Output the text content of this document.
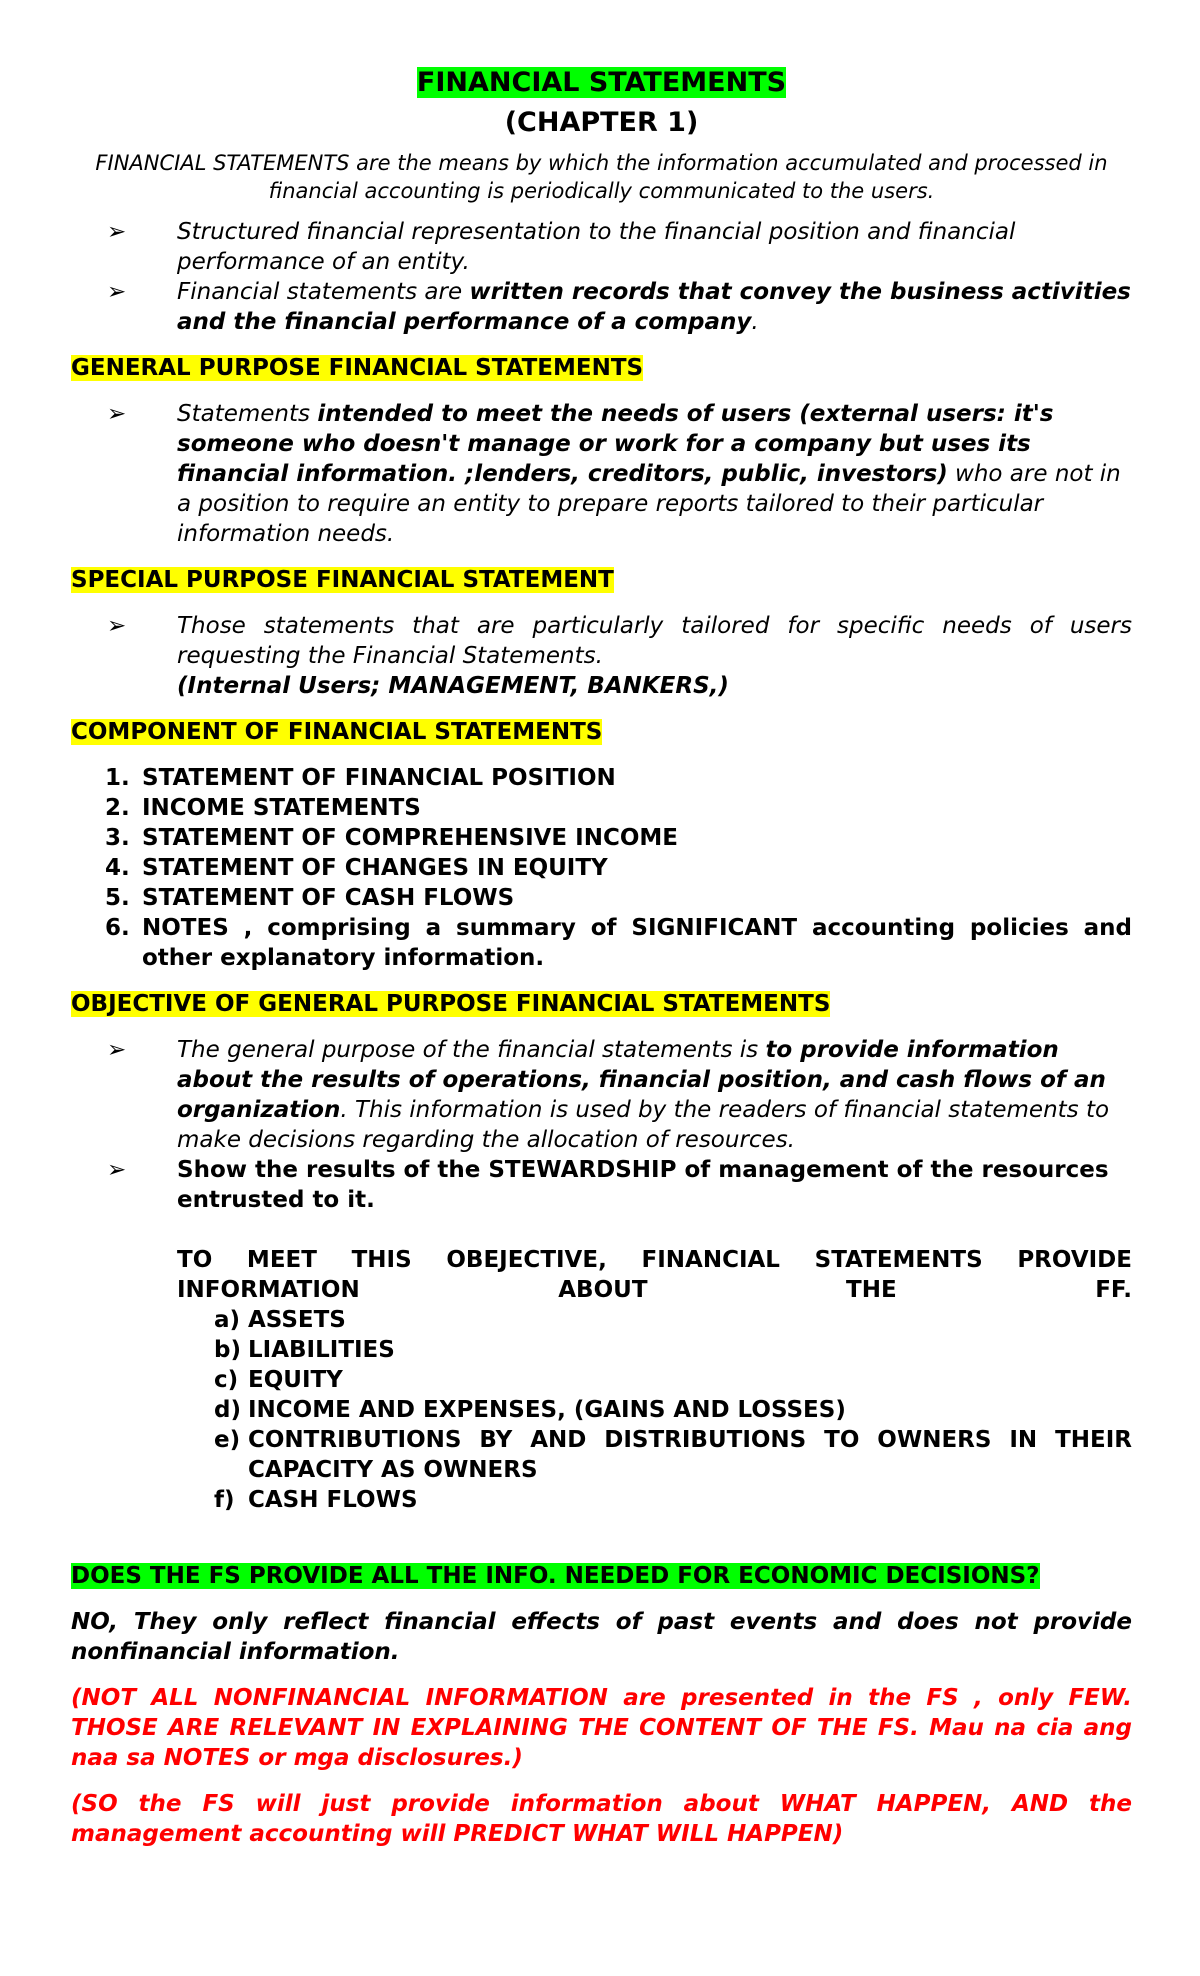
FINANCIAL STATEMENTS

(CHAPTER 1)

FINANCIAL STATEMENTS are the means by which the information accumulated and processed in financial accounting is periodically communicated to the users.

➢ Structured financial representation to the financial position and financial performance of an entity.
➢ Financial statements are written records that convey the business activities and the financial performance of a company.

GENERAL PURPOSE FINANCIAL STATEMENTS

➢ Statements intended to meet the needs of users (external users: it's someone who doesn't manage or work for a company but uses its financial information. ;lenders, creditors, public, investors) who are not in a position to require an entity to prepare reports tailored to their particular information needs.

SPECIAL PURPOSE FINANCIAL STATEMENT

➢ Those statements that are particularly tailored for specific needs of users requesting the Financial Statements.
(Internal Users; MANAGEMENT, BANKERS,)

COMPONENT OF FINANCIAL STATEMENTS

1. STATEMENT OF FINANCIAL POSITION
2. INCOME STATEMENTS
3. STATEMENT OF COMPREHENSIVE INCOME
4. STATEMENT OF CHANGES IN EQUITY
5. STATEMENT OF CASH FLOWS
6. NOTES , comprising a summary of SIGNIFICANT accounting policies and other explanatory information.

OBJECTIVE OF GENERAL PURPOSE FINANCIAL STATEMENTS

➢ The general purpose of the financial statements is to provide information about the results of operations, financial position, and cash flows of an organization. This information is used by the readers of financial statements to make decisions regarding the allocation of resources.
➢ Show the results of the STEWARDSHIP of management of the resources entrusted to it.
TO MEET THIS OBEJECTIVE, FINANCIAL STATEMENTS PROVIDE INFORMATION ABOUT THE FF.
a) ASSETS
b) LIABILITIES
c) EQUITY
d) INCOME AND EXPENSES, (GAINS AND LOSSES)
e) CONTRIBUTIONS BY AND DISTRIBUTIONS TO OWNERS IN THEIR CAPACITY AS OWNERS
f) CASH FLOWS

DOES THE FS PROVIDE ALL THE INFO. NEEDED FOR ECONOMIC DECISIONS?

NO, They only reflect financial effects of past events and does not provide nonfinancial information.

(NOT ALL NONFINANCIAL INFORMATION are presented in the FS , only FEW. THOSE ARE RELEVANT IN EXPLAINING THE CONTENT OF THE FS. Mau na cia ang naa sa NOTES or mga disclosures.)

(SO the FS will just provide information about WHAT HAPPEN, AND the management accounting will PREDICT WHAT WILL HAPPEN)
